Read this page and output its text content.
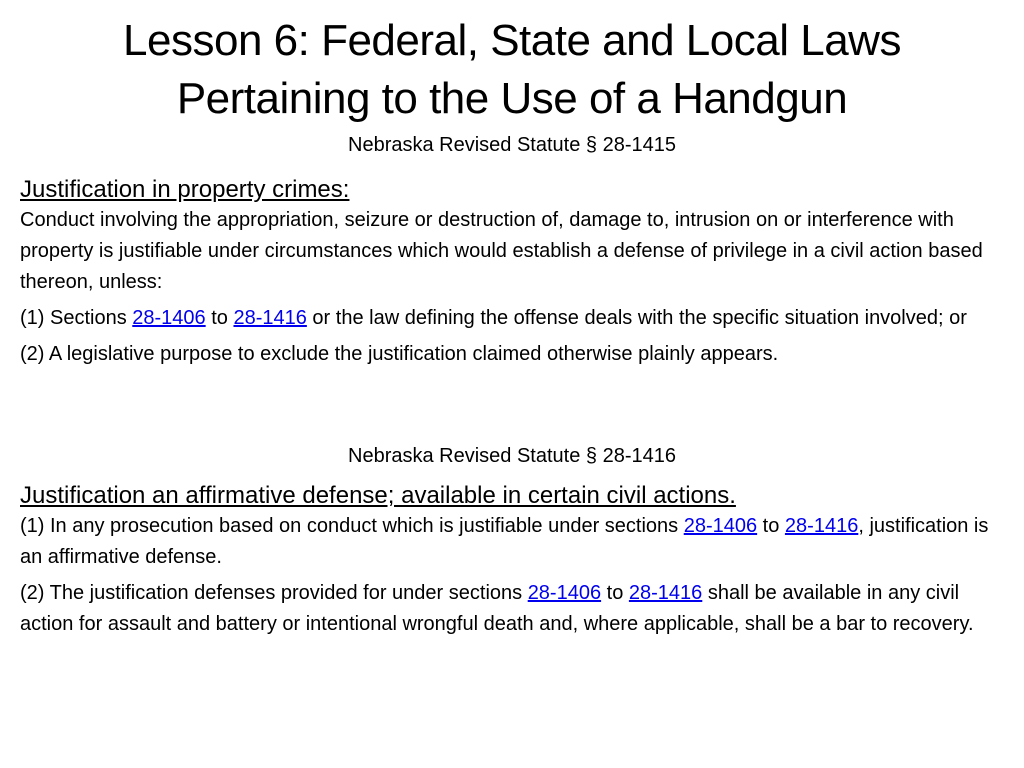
Lesson 6: Federal, State and Local Laws
Pertaining to the Use of a Handgun
Nebraska Revised Statute § 28-1415

Justification in property crimes:

Conduct involving the appropriation, seizure or destruction of, damage to, intrusion on or interference with property is justifiable under circumstances which would establish a defense of privilege in a civil action based thereon, unless:

(1) Sections 28-1406 to 28-1416 or the law defining the offense deals with the specific situation involved; or

(2) A legislative purpose to exclude the justification claimed otherwise plainly appears.

Nebraska Revised Statute § 28-1416

Justification an affirmative defense; available in certain civil actions.

(1) In any prosecution based on conduct which is justifiable under sections 28-1406 to 28-1416, justification is an affirmative defense.

(2) The justification defenses provided for under sections 28-1406 to 28-1416 shall be available in any civil action for assault and battery or intentional wrongful death and, where applicable, shall be a bar to recovery.
